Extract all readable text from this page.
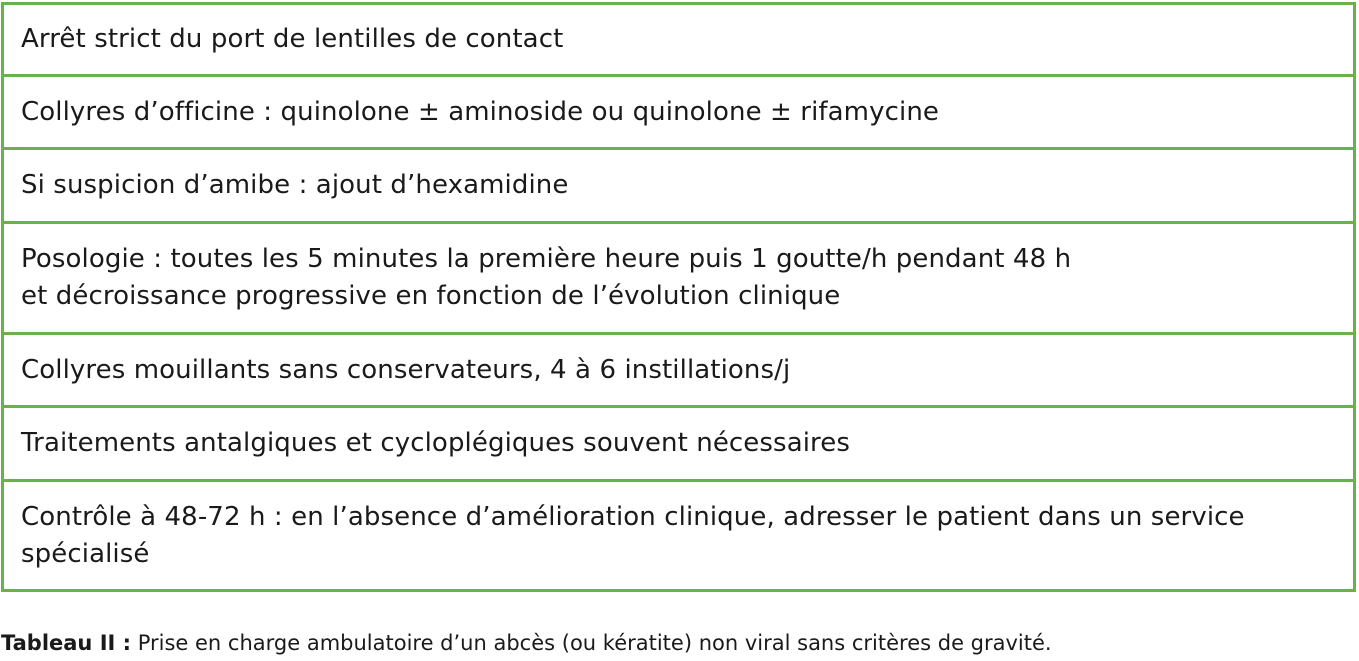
Arrêt strict du port de lentilles de contact
Collyres d’officine : quinolone ± aminoside ou quinolone ± rifamycine
Si suspicion d’amibe : ajout d’hexamidine
Posologie : toutes les 5 minutes la première heure puis 1 goutte/h pendant 48 h
et décroissance progressive en fonction de l’évolution clinique
Collyres mouillants sans conservateurs, 4 à 6 instillations/j
Traitements antalgiques et cycloplégiques souvent nécessaires
Contrôle à 48-72 h : en l’absence d’amélioration clinique, adresser le patient dans un service
spécialisé
Tableau II : Prise en charge ambulatoire d’un abcès (ou kératite) non viral sans critères de gravité.
